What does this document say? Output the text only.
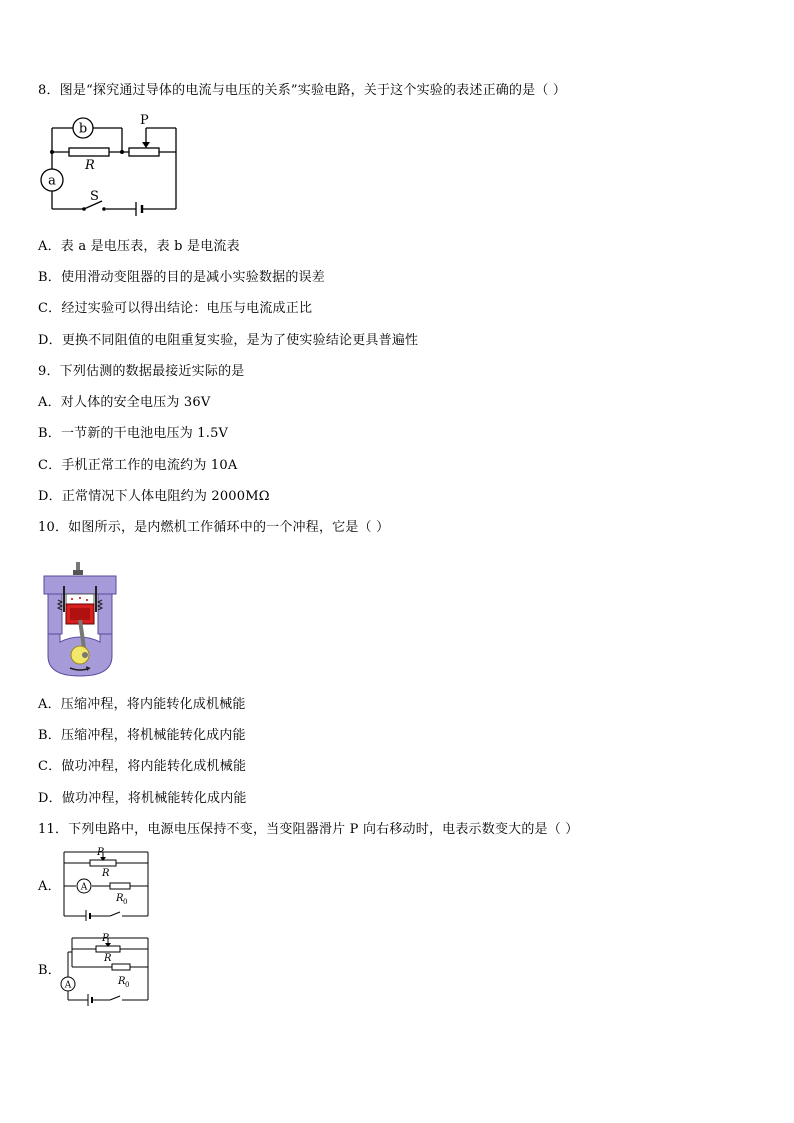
8．图是“探究通过导体的电流与电压的关系”实验电路，关于这个实验的表述正确的是（ ）
b
a
P
R
S
A．表 a 是电压表，表 b 是电流表
B．使用滑动变阻器的目的是减小实验数据的误差
C．经过实验可以得出结论：电压与电流成正比
D．更换不同阻值的电阻重复实验，是为了使实验结论更具普遍性
9．下列估测的数据最接近实际的是
A．对人体的安全电压为 36V
B．一节新的干电池电压为 1.5V
C．手机正常工作的电流约为 10A
D．正常情况下人体电阻约为 2000MΩ
10．如图所示，是内燃机工作循环中的一个冲程，它是（ ）
A．压缩冲程，将内能转化成机械能
B．压缩冲程，将机械能转化成内能
C．做功冲程，将内能转化成机械能
D．做功冲程，将机械能转化成内能
11．下列电路中，电源电压保持不变，当变阻器滑片 P 向右移动时，电表示数变大的是（ ）
A． A
P
R
R 0
B．
A
P
R
R 0
